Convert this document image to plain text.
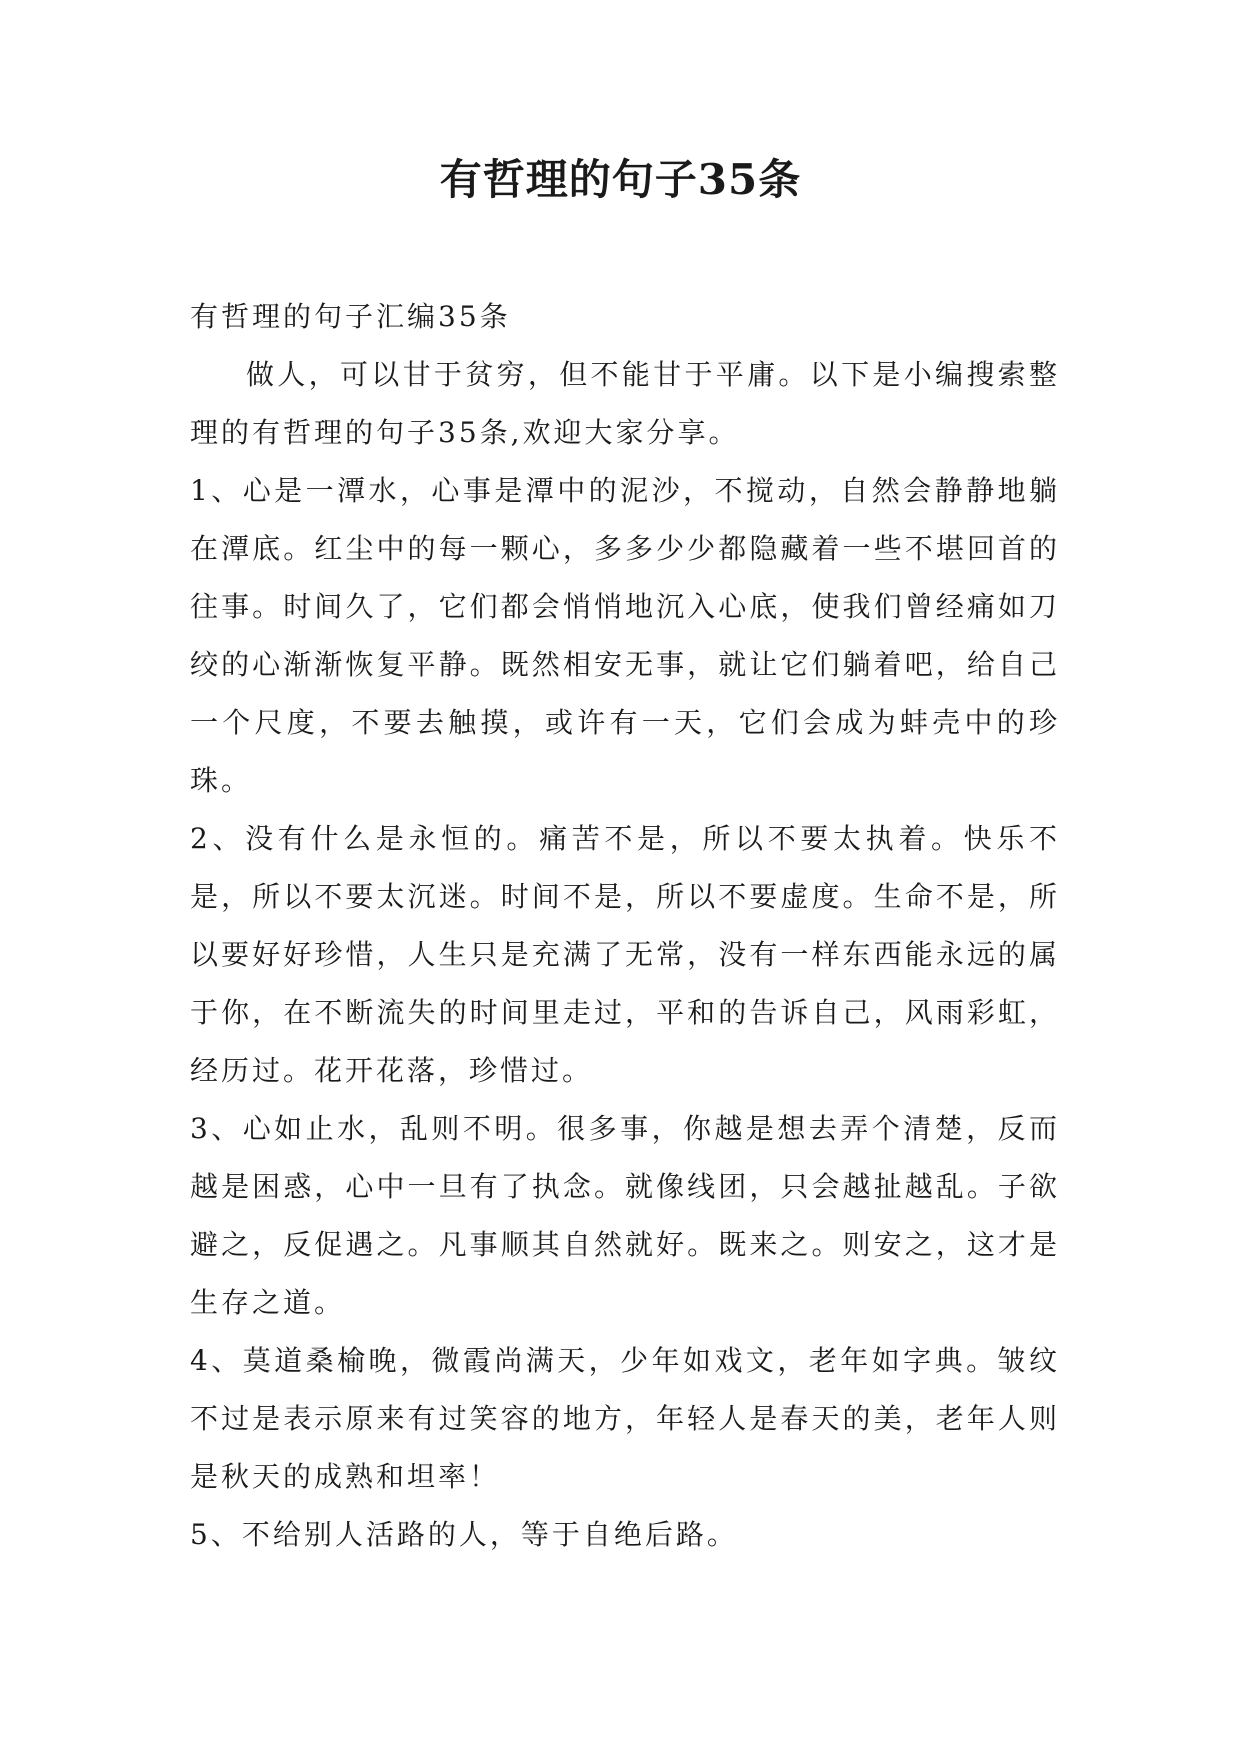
有哲理的句子35条

有哲理的句子汇编35条

做人，可以甘于贫穷，但不能甘于平庸。以下是小编搜索整理的有哲理的句子35条,欢迎大家分享。

1、心是一潭水，心事是潭中的泥沙，不搅动，自然会静静地躺在潭底。红尘中的每一颗心，多多少少都隐藏着一些不堪回首的往事。时间久了，它们都会悄悄地沉入心底，使我们曾经痛如刀绞的心渐渐恢复平静。既然相安无事，就让它们躺着吧，给自己一个尺度，不要去触摸，或许有一天，它们会成为蚌壳中的珍珠。

2、没有什么是永恒的。痛苦不是，所以不要太执着。快乐不是，所以不要太沉迷。时间不是，所以不要虚度。生命不是，所以要好好珍惜，人生只是充满了无常，没有一样东西能永远的属于你，在不断流失的时间里走过，平和的告诉自己，风雨彩虹，经历过。花开花落，珍惜过。

3、心如止水，乱则不明。很多事，你越是想去弄个清楚，反而越是困惑，心中一旦有了执念。就像线团，只会越扯越乱。子欲避之，反促遇之。凡事顺其自然就好。既来之。则安之，这才是生存之道。

4、莫道桑榆晚，微霞尚满天，少年如戏文，老年如字典。皱纹不过是表示原来有过笑容的地方，年轻人是春天的美，老年人则是秋天的成熟和坦率！

5、不给别人活路的人，等于自绝后路。
